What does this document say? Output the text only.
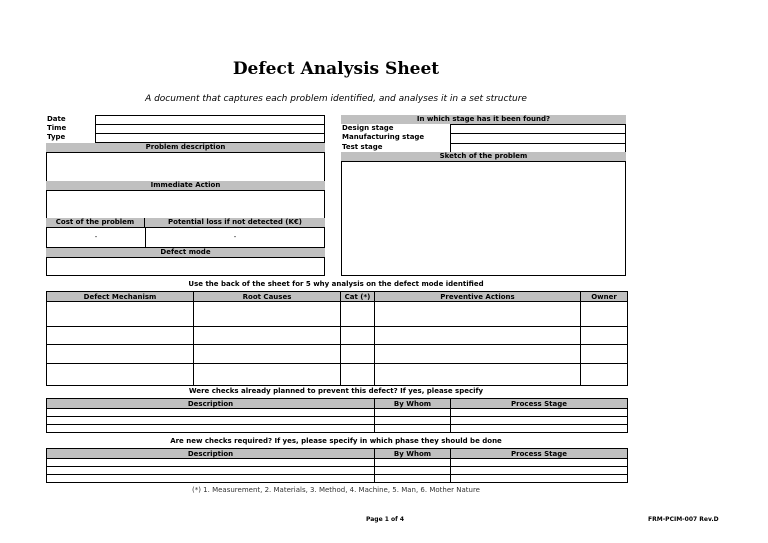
Defect Analysis Sheet
A document that captures each problem identified, and analyses it in a set structure
Date
Time
Type
Problem description
Immediate Action
Cost of the problem	Potential loss if not detected (K€)
-	-
Defect mode
In which stage has it been found?
Design stage
Manufacturing stage
Test stage
Sketch of the problem
Use the back of the sheet for 5 why analysis on the defect mode identified
Defect Mechanism	Root Causes	Cat (*)	Preventive Actions	Owner

Were checks already planned to prevent this defect? If yes, please specify
Description	By Whom	Process Stage

Are new checks required? If yes, please specify in which phase they should be done
Description	By Whom	Process Stage

(*) 1. Measurement, 2. Materials, 3. Method, 4. Machine, 5. Man, 6. Mother Nature
Page 1 of 4	FRM-PCIM-007 Rev.D
